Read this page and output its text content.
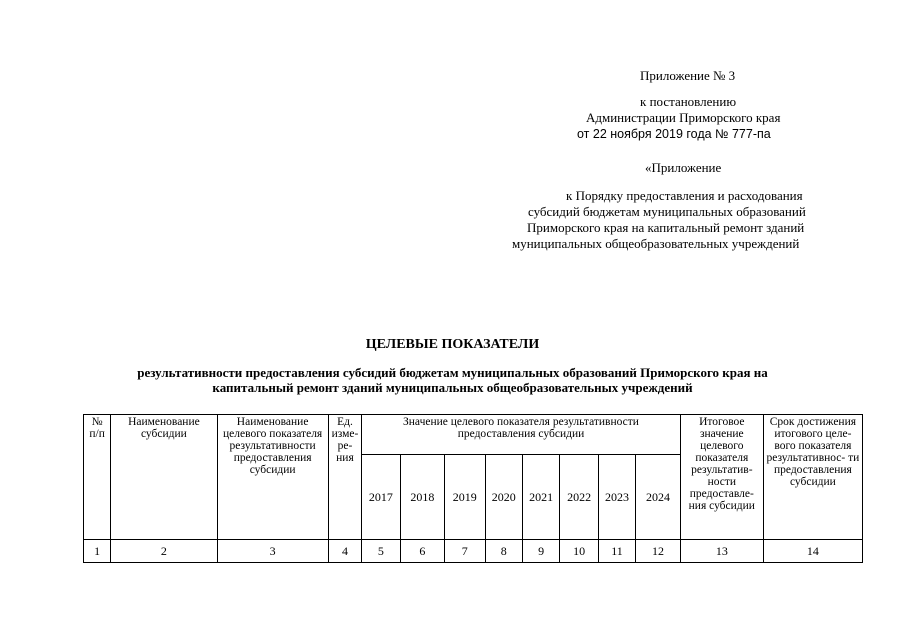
Приложение № 3
к постановлению
Администрации Приморского края
от 22 ноября 2019 года № 777-па
«Приложение
к Порядку предоставления и расходования
субсидий бюджетам муниципальных образований
Приморского края на капитальный ремонт зданий
муниципальных общеобразовательных учреждений
ЦЕЛЕВЫЕ ПОКАЗАТЕЛИ
результативности предоставления субсидий бюджетам муниципальных образований Приморского края на
капитальный ремонт зданий муниципальных общеобразовательных учреждений
№ п/п	Наименование субсидии	Наименование целевого показателя результативности предоставления субсидии	Ед. изме- ре- ния	Значение целевого показателя результативности предоставления субсидии								Итоговое значение целевого показателя результатив- ности предоставле- ния субсидии	Срок достижения итогового целе- вого показателя результативнос- ти предоставления субсидии
				2017	2018	2019	2020	2021	2022	2023	2024		
1	2	3	4	5	6	7	8	9	10	11	12	13	14
